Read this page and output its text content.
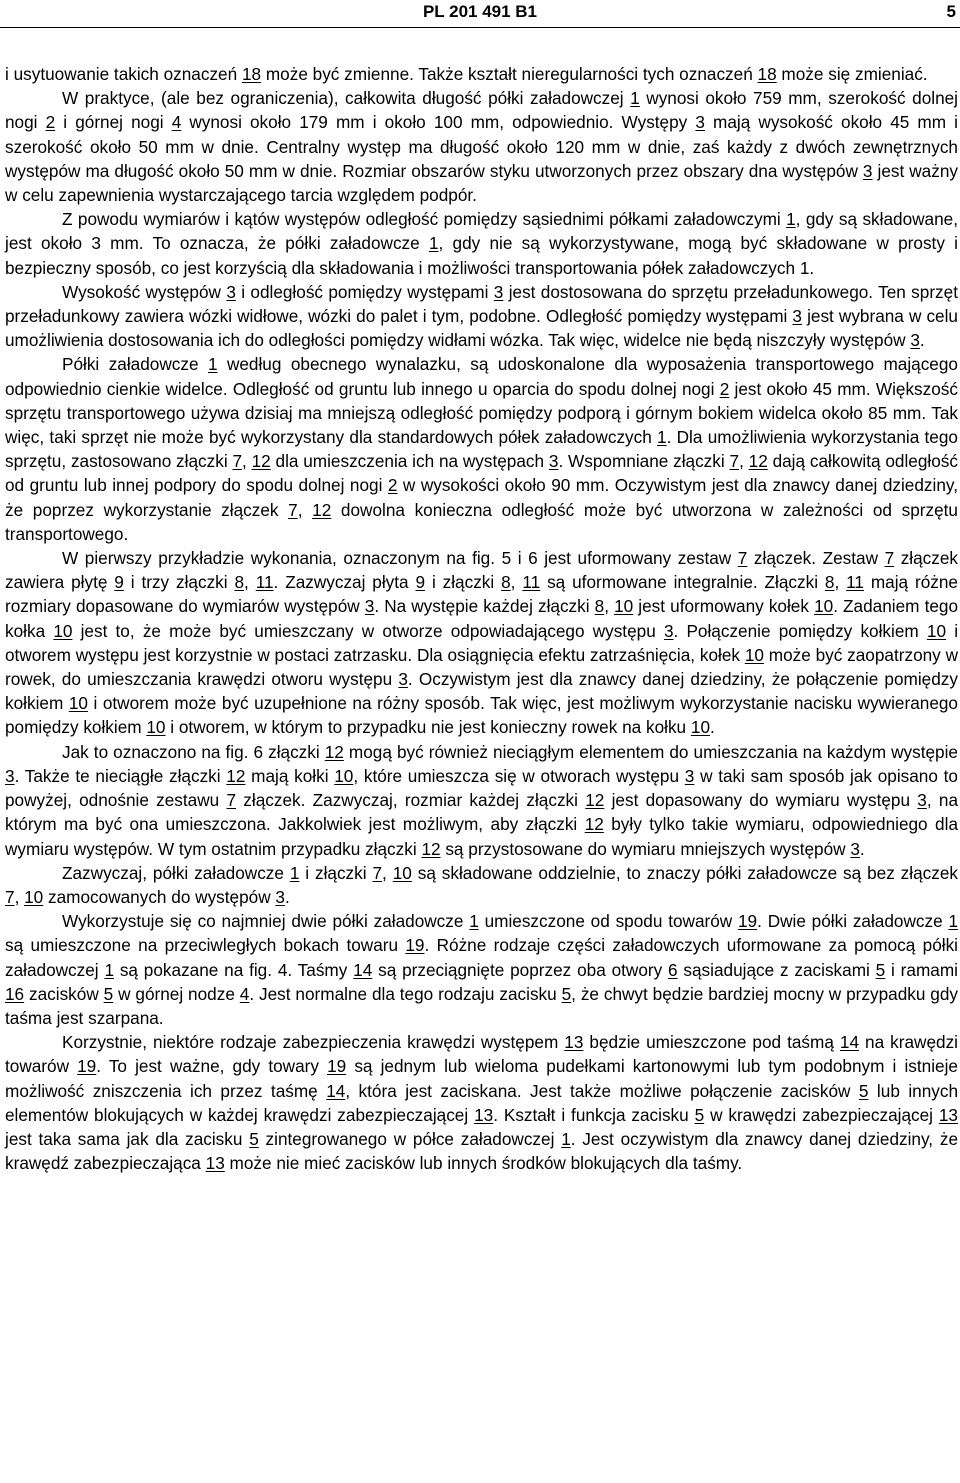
PL 201 491 B1	5

i usytuowanie takich oznaczeń 18 może być zmienne. Także kształt nieregularności tych oznaczeń 18 może się zmieniać.

W praktyce, (ale bez ograniczenia), całkowita długość półki załadowczej 1 wynosi około 759 mm, szerokość dolnej nogi 2 i górnej nogi 4 wynosi około 179 mm i około 100 mm, odpowiednio. Występy 3 mają wysokość około 45 mm i szerokość około 50 mm w dnie. Centralny występ ma długość około 120 mm w dnie, zaś każdy z dwóch zewnętrznych występów ma długość około 50 mm w dnie. Rozmiar obszarów styku utworzonych przez obszary dna występów 3 jest ważny w celu zapewnienia wystarczającego tarcia względem podpór.

Z powodu wymiarów i kątów występów odległość pomiędzy sąsiednimi półkami załadowczymi 1, gdy są składowane, jest około 3 mm. To oznacza, że półki załadowcze 1, gdy nie są wykorzystywane, mogą być składowane w prosty i bezpieczny sposób, co jest korzyścią dla składowania i możliwości transportowania półek załadowczych 1.

Wysokość występów 3 i odległość pomiędzy występami 3 jest dostosowana do sprzętu przeładunkowego. Ten sprzęt przeładunkowy zawiera wózki widłowe, wózki do palet i tym, podobne. Odległość pomiędzy występami 3 jest wybrana w celu umożliwienia dostosowania ich do odległości pomiędzy widłami wózka. Tak więc, widelce nie będą niszczyły występów 3.

Półki załadowcze 1 według obecnego wynalazku, są udoskonalone dla wyposażenia transportowego mającego odpowiednio cienkie widelce. Odległość od gruntu lub innego u oparcia do spodu dolnej nogi 2 jest około 45 mm. Większość sprzętu transportowego używa dzisiaj ma mniejszą odległość pomiędzy podporą i górnym bokiem widelca około 85 mm. Tak więc, taki sprzęt nie może być wykorzystany dla standardowych półek załadowczych 1. Dla umożliwienia wykorzystania tego sprzętu, zastosowano złączki 7, 12 dla umieszczenia ich na występach 3. Wspomniane złączki 7, 12 dają całkowitą odległość od gruntu lub innej podpory do spodu dolnej nogi 2 w wysokości około 90 mm. Oczywistym jest dla znawcy danej dziedziny, że poprzez wykorzystanie złączek 7, 12 dowolna konieczna odległość może być utworzona w zależności od sprzętu transportowego.

W pierwszy przykładzie wykonania, oznaczonym na fig. 5 i 6 jest uformowany zestaw 7 złączek. Zestaw 7 złączek zawiera płytę 9 i trzy złączki 8, 11. Zazwyczaj płyta 9 i złączki 8, 11 są uformowane integralnie. Złączki 8, 11 mają różne rozmiary dopasowane do wymiarów występów 3. Na występie każdej złączki 8, 10 jest uformowany kołek 10. Zadaniem tego kołka 10 jest to, że może być umieszczany w otworze odpowiadającego występu 3. Połączenie pomiędzy kołkiem 10 i otworem występu jest korzystnie w postaci zatrzasku. Dla osiągnięcia efektu zatrzaśnięcia, kołek 10 może być zaopatrzony w rowek, do umieszczania krawędzi otworu występu 3. Oczywistym jest dla znawcy danej dziedziny, że połączenie pomiędzy kołkiem 10 i otworem może być uzupełnione na różny sposób. Tak więc, jest możliwym wykorzystanie nacisku wywieranego pomiędzy kołkiem 10 i otworem, w którym to przypadku nie jest konieczny rowek na kołku 10.

Jak to oznaczono na fig. 6 złączki 12 mogą być również nieciągłym elementem do umieszczania na każdym występie 3. Także te nieciągłe złączki 12 mają kołki 10, które umieszcza się w otworach występu 3 w taki sam sposób jak opisano to powyżej, odnośnie zestawu 7 złączek. Zazwyczaj, rozmiar każdej złączki 12 jest dopasowany do wymiaru występu 3, na którym ma być ona umieszczona. Jakkolwiek jest możliwym, aby złączki 12 były tylko takie wymiaru, odpowiedniego dla wymiaru występów. W tym ostatnim przypadku złączki 12 są przystosowane do wymiaru mniejszych występów 3.

Zazwyczaj, półki załadowcze 1 i złączki 7, 10 są składowane oddzielnie, to znaczy półki załadowcze są bez złączek 7, 10 zamocowanych do występów 3.

Wykorzystuje się co najmniej dwie półki załadowcze 1 umieszczone od spodu towarów 19. Dwie półki załadowcze 1 są umieszczone na przeciwległych bokach towaru 19. Różne rodzaje części załadowczych uformowane za pomocą półki załadowczej 1 są pokazane na fig. 4. Taśmy 14 są przeciągnięte poprzez oba otwory 6 sąsiadujące z zaciskami 5 i ramami 16 zacisków 5 w górnej nodze 4. Jest normalne dla tego rodzaju zacisku 5, że chwyt będzie bardziej mocny w przypadku gdy taśma jest szarpana.

Korzystnie, niektóre rodzaje zabezpieczenia krawędzi występem 13 będzie umieszczone pod taśmą 14 na krawędzi towarów 19. To jest ważne, gdy towary 19 są jednym lub wieloma pudełkami kartonowymi lub tym podobnym i istnieje możliwość zniszczenia ich przez taśmę 14, która jest zaciskana. Jest także możliwe połączenie zacisków 5 lub innych elementów blokujących w każdej krawędzi zabezpieczającej 13. Kształt i funkcja zacisku 5 w krawędzi zabezpieczającej 13 jest taka sama jak dla zacisku 5 zintegrowanego w półce załadowczej 1. Jest oczywistym dla znawcy danej dziedziny, że krawędź zabezpieczająca 13 może nie mieć zacisków lub innych środków blokujących dla taśmy.
